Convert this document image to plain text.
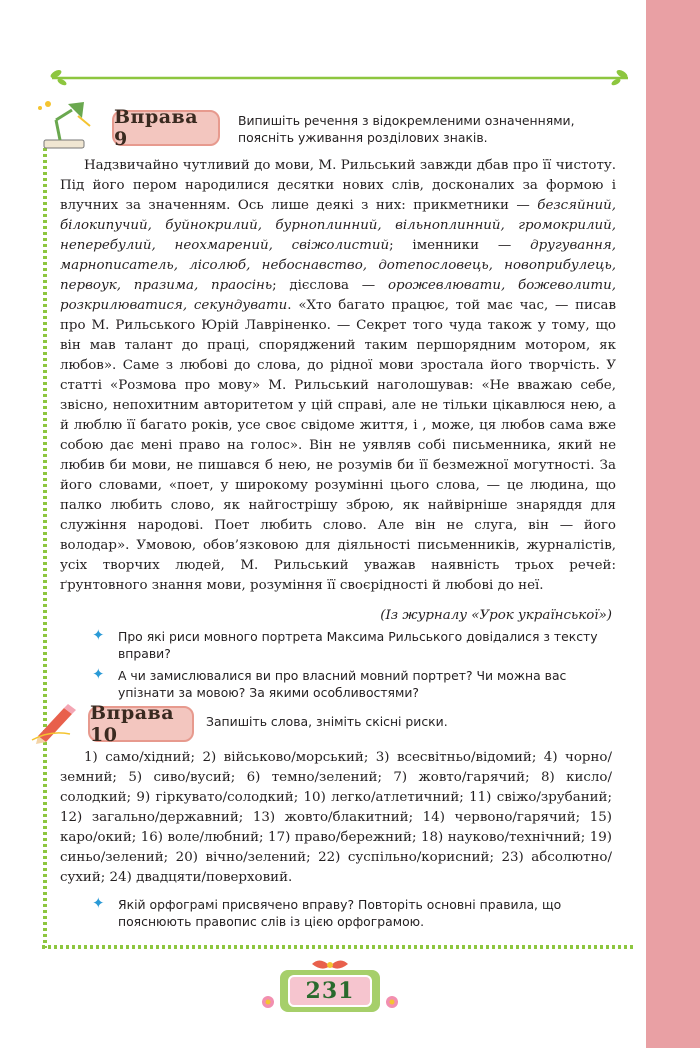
Вправа 9
Випишіть речення з відокремленими означеннями, поясніть уживання розділових знаків.

Надзвичайно чутливий до мови, М. Рильський завжди дбав про її чистоту. Під його пером народилися десятки нових слів, досконалих за формою і влучних за значенням. Ось лише деякі з них: прикметники — безсяйний, білокипучий, буйнокрилий, бурноплинний, вільноплинний, громокрилий, неперебулий, неохмарений, свіжолистий; іменники — другування, марнописатель, лісолюб, небоснавство, дотепословець, новоприбулець, первоук, празима, праосінь; дієслова — орожевлювати, божеволити, розкрилюватися, секундувати. «Хто багато працює, той має час, — писав про М. Рильського Юрій Лавріненко. — Секрет того чуда також у тому, що він мав талант до праці, споряджений таким першорядним мотором, як любов». Саме з любові до слова, до рідної мови зростала його творчість. У статті «Розмова про мову» М. Рильський наголошував: «Не вважаю себе, звісно, непохитним авторитетом у цій справі, але не тільки цікавлюся нею, а й люблю її багато років, усе своє свідоме життя, і , може, ця любов сама вже собою дає мені право на голос». Він не уявляв собі письменника, який не любив би мови, не пишався б нею, не розумів би її безмежної могутності. За його словами, «поет, у широкому розумінні цього слова, — це людина, що палко любить слово, як найгострішу зброю, як найвірніше знаряддя для служіння народові. Поет любить слово. Але він не слуга, він — його володар». Умовою, обов’язковою для діяльності письменників, журналістів, усіх творчих людей, М. Рильський уважав наявність трьох речей: ґрунтовного знання мови, розуміння її своєрідності й любові до неї.

(Із журналу «Урок української»)
✦ Про які риси мовного портрета Максима Рильського довідалися з тексту вправи?
✦ А чи замислювалися ви про власний мовний портрет? Чи можна вас упізнати за мовою? За якими особливостями?
Вправа 10
Запишіть слова, зніміть скісні риски.
1) само/хідний; 2) військово/морський; 3) всесвітньо/відомий; 4) чорно/земний; 5) сиво/вусий; 6) темно/зелений; 7) жовто/гарячий; 8) кисло/солодкий; 9) гіркувато/солодкий; 10) легко/атлетичний; 11) свіжо/зрубаний; 12) загально/державний; 13) жовто/блакитний; 14) червоно/гарячий; 15) каро/окий; 16) воле/любний; 17) право/бережний; 18) науково/технічний; 19) синьо/зелений; 20) вічно/зелений; 22) суспільно/корисний; 23) абсолютно/сухий; 24) двадцяти/поверховий.
✦ Якій орфограмі присвячено вправу? Повторіть основні правила, що пояснюють правопис слів із цією орфограмою.
231
